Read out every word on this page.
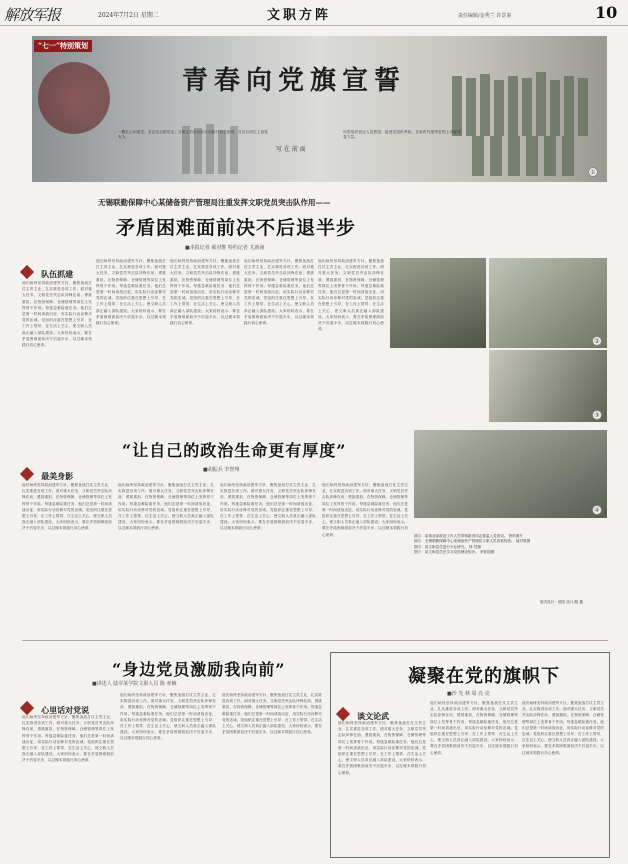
解放军报	2024年7月2日 星期二	文职方阵	责任编辑/金秀兰 许景秦	10
“七一”特别策划
青春向党旗宣誓
一颗红心向着党，坚定信念跟党走。文职人员用实际行动践行初心使命，在各自岗位上奋发有为。
写 在 前 面
向党组织表达入党愿望，接受党组织考验，在新时代强军征程上贡献青春力量。
①
无锡联勤保障中心某储备资产管理局注重发挥文职党员突击队作用——
矛盾困难面前决不后退半步
■本报记者 郝对维 特约记者 尤新南
队伍抓建
他们始终坚持政治建军方针，聚焦备战打仗主责主业，扎实推进各项工作。面对重大任务，文职党员突击队冲锋在前、勇挑重担，在物资保障、仓储管理等岗位上发挥骨干作用。每逢急难险重任务，他们总是第一时间请战出征，用实际行动诠释对党的忠诚。党组织注重在思想上引导、在工作上帮带、在生活上关心，使文职人员真正融入部队建设。大家纷纷表示，要在矛盾困难面前决不后退半步，以过硬本领践行初心使命。
他们始终坚持政治建军方针，聚焦备战打仗主责主业，扎实推进各项工作。面对重大任务，文职党员突击队冲锋在前、勇挑重担，在物资保障、仓储管理等岗位上发挥骨干作用。每逢急难险重任务，他们总是第一时间请战出征，用实际行动诠释对党的忠诚。党组织注重在思想上引导、在工作上帮带、在生活上关心，使文职人员真正融入部队建设。大家纷纷表示，要在矛盾困难面前决不后退半步，以过硬本领践行初心使命。
他们始终坚持政治建军方针，聚焦备战打仗主责主业，扎实推进各项工作。面对重大任务，文职党员突击队冲锋在前、勇挑重担，在物资保障、仓储管理等岗位上发挥骨干作用。每逢急难险重任务，他们总是第一时间请战出征，用实际行动诠释对党的忠诚。党组织注重在思想上引导、在工作上帮带、在生活上关心，使文职人员真正融入部队建设。大家纷纷表示，要在矛盾困难面前决不后退半步，以过硬本领践行初心使命。
他们始终坚持政治建军方针，聚焦备战打仗主责主业，扎实推进各项工作。面对重大任务，文职党员突击队冲锋在前、勇挑重担，在物资保障、仓储管理等岗位上发挥骨干作用。每逢急难险重任务，他们总是第一时间请战出征，用实际行动诠释对党的忠诚。党组织注重在思想上引导、在工作上帮带、在生活上关心，使文职人员真正融入部队建设。大家纷纷表示，要在矛盾困难面前决不后退半步，以过硬本领践行初心使命。
他们始终坚持政治建军方针，聚焦备战打仗主责主业，扎实推进各项工作。面对重大任务，文职党员突击队冲锋在前、勇挑重担，在物资保障、仓储管理等岗位上发挥骨干作用。每逢急难险重任务，他们总是第一时间请战出征，用实际行动诠释对党的忠诚。党组织注重在思想上引导、在工作上帮带、在生活上关心，使文职人员真正融入部队建设。大家纷纷表示，要在矛盾困难面前决不后退半步，以过硬本领践行初心使命。
②
③
“让自己的政治生命更有厚度”
■胡振兵 李智翔
最美身影
他们始终坚持政治建军方针，聚焦备战打仗主责主业，扎实推进各项工作。面对重大任务，文职党员突击队冲锋在前、勇挑重担，在物资保障、仓储管理等岗位上发挥骨干作用。每逢急难险重任务，他们总是第一时间请战出征，用实际行动诠释对党的忠诚。党组织注重在思想上引导、在工作上帮带、在生活上关心，使文职人员真正融入部队建设。大家纷纷表示，要在矛盾困难面前决不后退半步，以过硬本领践行初心使命。
他们始终坚持政治建军方针，聚焦备战打仗主责主业，扎实推进各项工作。面对重大任务，文职党员突击队冲锋在前、勇挑重担，在物资保障、仓储管理等岗位上发挥骨干作用。每逢急难险重任务，他们总是第一时间请战出征，用实际行动诠释对党的忠诚。党组织注重在思想上引导、在工作上帮带、在生活上关心，使文职人员真正融入部队建设。大家纷纷表示，要在矛盾困难面前决不后退半步，以过硬本领践行初心使命。
他们始终坚持政治建军方针，聚焦备战打仗主责主业，扎实推进各项工作。面对重大任务，文职党员突击队冲锋在前、勇挑重担，在物资保障、仓储管理等岗位上发挥骨干作用。每逢急难险重任务，他们总是第一时间请战出征，用实际行动诠释对党的忠诚。党组织注重在思想上引导、在工作上帮带、在生活上关心，使文职人员真正融入部队建设。大家纷纷表示，要在矛盾困难面前决不后退半步，以过硬本领践行初心使命。
他们始终坚持政治建军方针，聚焦备战打仗主责主业，扎实推进各项工作。面对重大任务，文职党员突击队冲锋在前、勇挑重担，在物资保障、仓储管理等岗位上发挥骨干作用。每逢急难险重任务，他们总是第一时间请战出征，用实际行动诠释对党的忠诚。党组织注重在思想上引导、在工作上帮带、在生活上关心，使文职人员真正融入部队建设。大家纷纷表示，要在矛盾困难面前决不后退半步，以过硬本领践行初心使命。
④
图①：某事业部政治工作人员带领新进同志重温入党誓词。 资料照片
图②：无锡联勤保障中心某储备资产管理局文职人员查看物资。 郝对维摄
图③：某文职党员进行专业研究。 林 然摄
图④：某文职党员在学习党的理论知识。 李智翔摄
版式设计：欧阳 设计/版 鑫
“身边党员激励我向前”
■讲述人 陆军某学院文职人员 陈 亚楠
心里话对党说
他们始终坚持政治建军方针，聚焦备战打仗主责主业，扎实推进各项工作。面对重大任务，文职党员突击队冲锋在前、勇挑重担，在物资保障、仓储管理等岗位上发挥骨干作用。每逢急难险重任务，他们总是第一时间请战出征，用实际行动诠释对党的忠诚。党组织注重在思想上引导、在工作上帮带、在生活上关心，使文职人员真正融入部队建设。大家纷纷表示，要在矛盾困难面前决不后退半步，以过硬本领践行初心使命。
他们始终坚持政治建军方针，聚焦备战打仗主责主业，扎实推进各项工作。面对重大任务，文职党员突击队冲锋在前、勇挑重担，在物资保障、仓储管理等岗位上发挥骨干作用。每逢急难险重任务，他们总是第一时间请战出征，用实际行动诠释对党的忠诚。党组织注重在思想上引导、在工作上帮带、在生活上关心，使文职人员真正融入部队建设。大家纷纷表示，要在矛盾困难面前决不后退半步，以过硬本领践行初心使命。
他们始终坚持政治建军方针，聚焦备战打仗主责主业，扎实推进各项工作。面对重大任务，文职党员突击队冲锋在前、勇挑重担，在物资保障、仓储管理等岗位上发挥骨干作用。每逢急难险重任务，他们总是第一时间请战出征，用实际行动诠释对党的忠诚。党组织注重在思想上引导、在工作上帮带、在生活上关心，使文职人员真正融入部队建设。大家纷纷表示，要在矛盾困难面前决不后退半步，以过硬本领践行初心使命。
凝聚在党的旗帜下
■沙 光 林 周 亮 亮
谈文论武
他们始终坚持政治建军方针，聚焦备战打仗主责主业，扎实推进各项工作。面对重大任务，文职党员突击队冲锋在前、勇挑重担，在物资保障、仓储管理等岗位上发挥骨干作用。每逢急难险重任务，他们总是第一时间请战出征，用实际行动诠释对党的忠诚。党组织注重在思想上引导、在工作上帮带、在生活上关心，使文职人员真正融入部队建设。大家纷纷表示，要在矛盾困难面前决不后退半步，以过硬本领践行初心使命。
他们始终坚持政治建军方针，聚焦备战打仗主责主业，扎实推进各项工作。面对重大任务，文职党员突击队冲锋在前、勇挑重担，在物资保障、仓储管理等岗位上发挥骨干作用。每逢急难险重任务，他们总是第一时间请战出征，用实际行动诠释对党的忠诚。党组织注重在思想上引导、在工作上帮带、在生活上关心，使文职人员真正融入部队建设。大家纷纷表示，要在矛盾困难面前决不后退半步，以过硬本领践行初心使命。
他们始终坚持政治建军方针，聚焦备战打仗主责主业，扎实推进各项工作。面对重大任务，文职党员突击队冲锋在前、勇挑重担，在物资保障、仓储管理等岗位上发挥骨干作用。每逢急难险重任务，他们总是第一时间请战出征，用实际行动诠释对党的忠诚。党组织注重在思想上引导、在工作上帮带、在生活上关心，使文职人员真正融入部队建设。大家纷纷表示，要在矛盾困难面前决不后退半步，以过硬本领践行初心使命。
